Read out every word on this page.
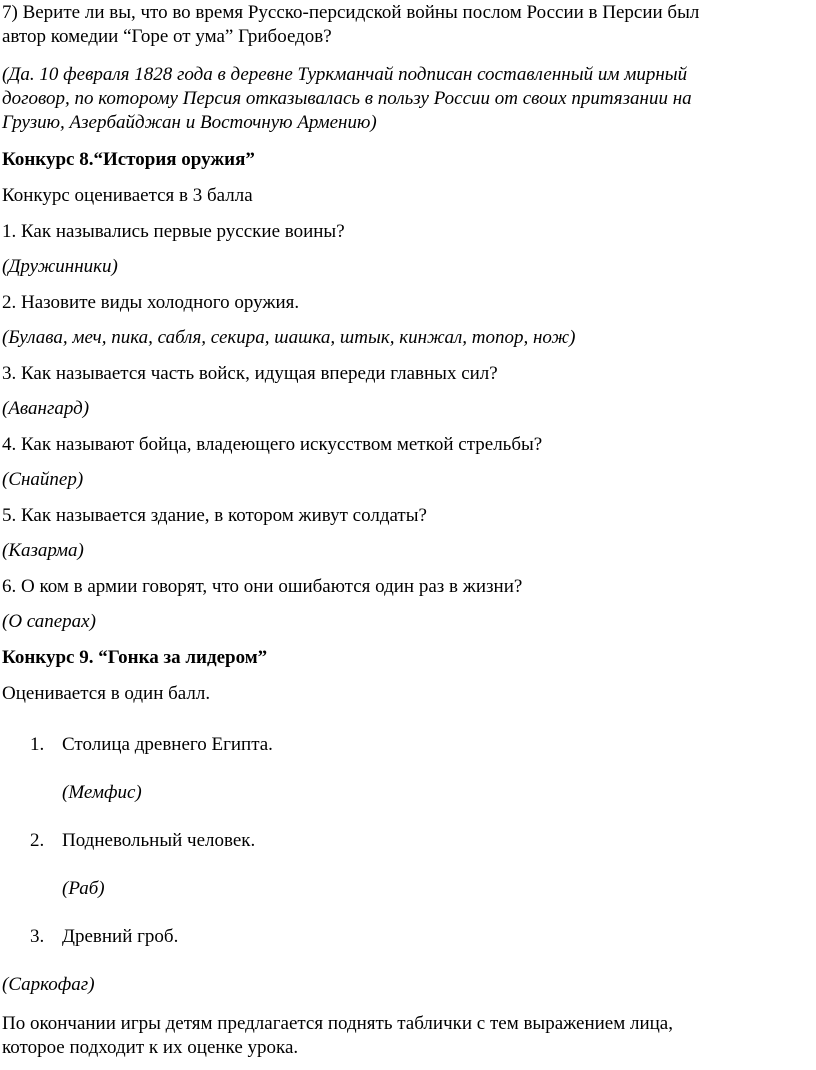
7) Верите ли вы, что во время Русско-персидской войны послом России в Персии был
автор комедии “Горе от ума” Грибоедов?
(Да. 10 февраля 1828 года в деревне Туркманчай подписан составленный им мирный
договор, по которому Персия отказывалась в пользу России от своих притязании на
Грузию, Азербайджан и Восточную Армению)
Конкурс 8.“История оружия”
Конкурс оценивается в 3 балла
1. Как назывались первые русские воины?
(Дружинники)
2. Назовите виды холодного оружия.
(Булава, меч, пика, сабля, секира, шашка, штык, кинжал, топор, нож)
3. Как называется часть войск, идущая впереди главных сил?
(Авангард)
4. Как называют бойца, владеющего искусством меткой стрельбы?
(Снайпер)
5. Как называется здание, в котором живут солдаты?
(Казарма)
6. О ком в армии говорят, что они ошибаются один раз в жизни?
(О саперах)
Конкурс 9. “Гонка за лидером”
Оценивается в один балл.
1. Столица древнего Египта.
(Мемфис)
2. Подневольный человек.
(Раб)
3. Древний гроб.
(Саркофаг)
По окончании игры детям предлагается поднять таблички с тем выражением лица,
которое подходит к их оценке урока.
